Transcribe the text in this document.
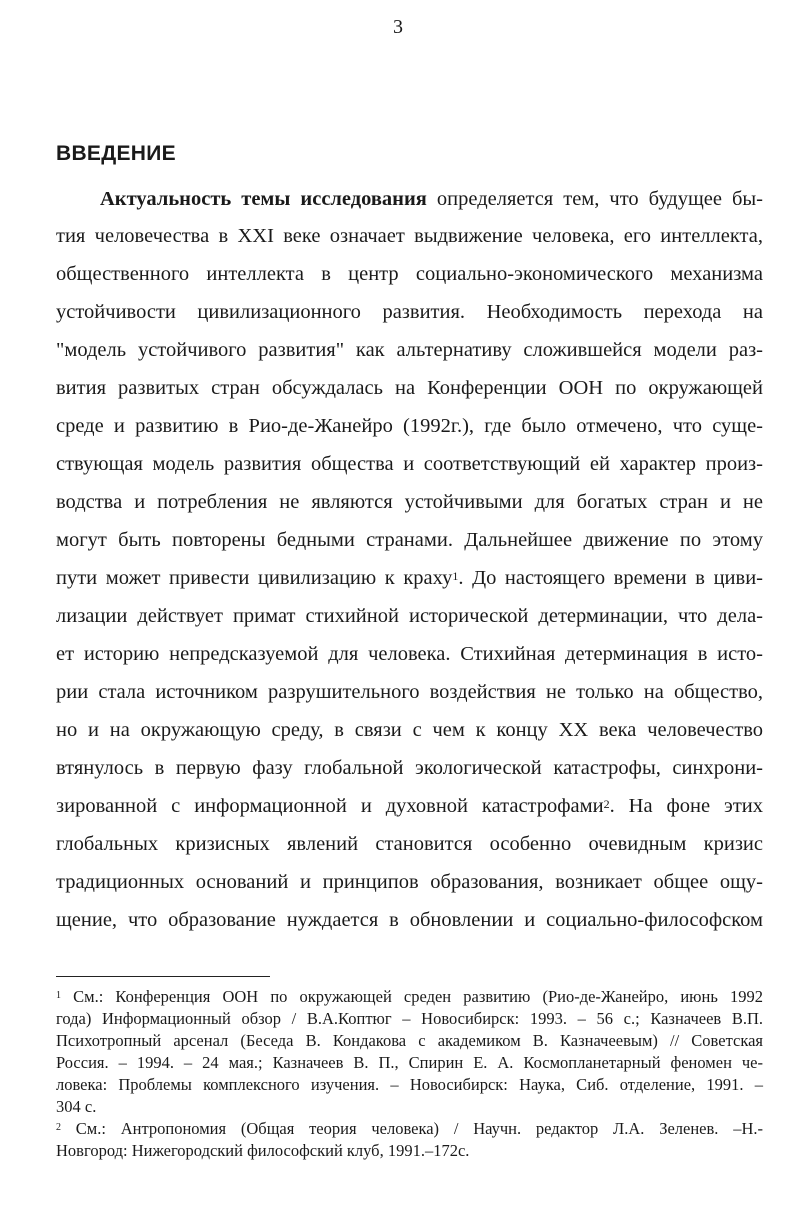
3
ВВЕДЕНИЕ
Актуальность темы исследования определяется тем, что будущее бы-
тия человечества в XXI веке означает выдвижение человека, его интеллекта,
общественного интеллекта в центр социально-экономического механизма
устойчивости цивилизационного развития. Необходимость перехода на
"модель устойчивого развития" как альтернативу сложившейся модели раз-
вития развитых стран обсуждалась на Конференции ООН по окружающей
среде и развитию в Рио-де-Жанейро (1992г.), где было отмечено, что суще-
ствующая модель развития общества и соответствующий ей характер произ-
водства и потребления не являются устойчивыми для богатых стран и не
могут быть повторены бедными странами. Дальнейшее движение по этому
пути может привести цивилизацию к краху$^1$. До настоящего времени в циви-
лизации действует примат стихийной исторической детерминации, что дела-
ет историю непредсказуемой для человека. Стихийная детерминация в исто-
рии стала источником разрушительного воздействия не только на общество,
но и на окружающую среду, в связи с чем к концу XX века человечество
втянулось в первую фазу глобальной экологической катастрофы, синхрони-
зированной с информационной и духовной катастрофами$^2$. На фоне этих
глобальных кризисных явлений становится особенно очевидным кризис
традиционных оснований и принципов образования, возникает общее ощу-
щение, что образование нуждается в обновлении и социально-философском
$^1$ См.: Конференция ООН по окружающей средeн развитию (Рио-де-Жанейро, июнь 1992
года) Информационный обзор / В.А.Коптюг – Новосибирск: 1993. – 56 с.; Казначеев В.П.
Психотропный арсенал (Беседа В. Кондакова с академиком В. Казначеевым) // Советская
Россия. – 1994. – 24 мая.; Казначеев В. П., Спирин Е. А. Космопланетарный феномен че-
ловека: Проблемы комплексного изучения. – Новосибирск: Наука, Сиб. отделение, 1991. –
304 с.
$^2$ См.: Антропономия (Общая теория человека) / Научн. редактор Л.А. Зеленев. –Н.-
Новгород: Нижегородский философский клуб, 1991.–172с.
